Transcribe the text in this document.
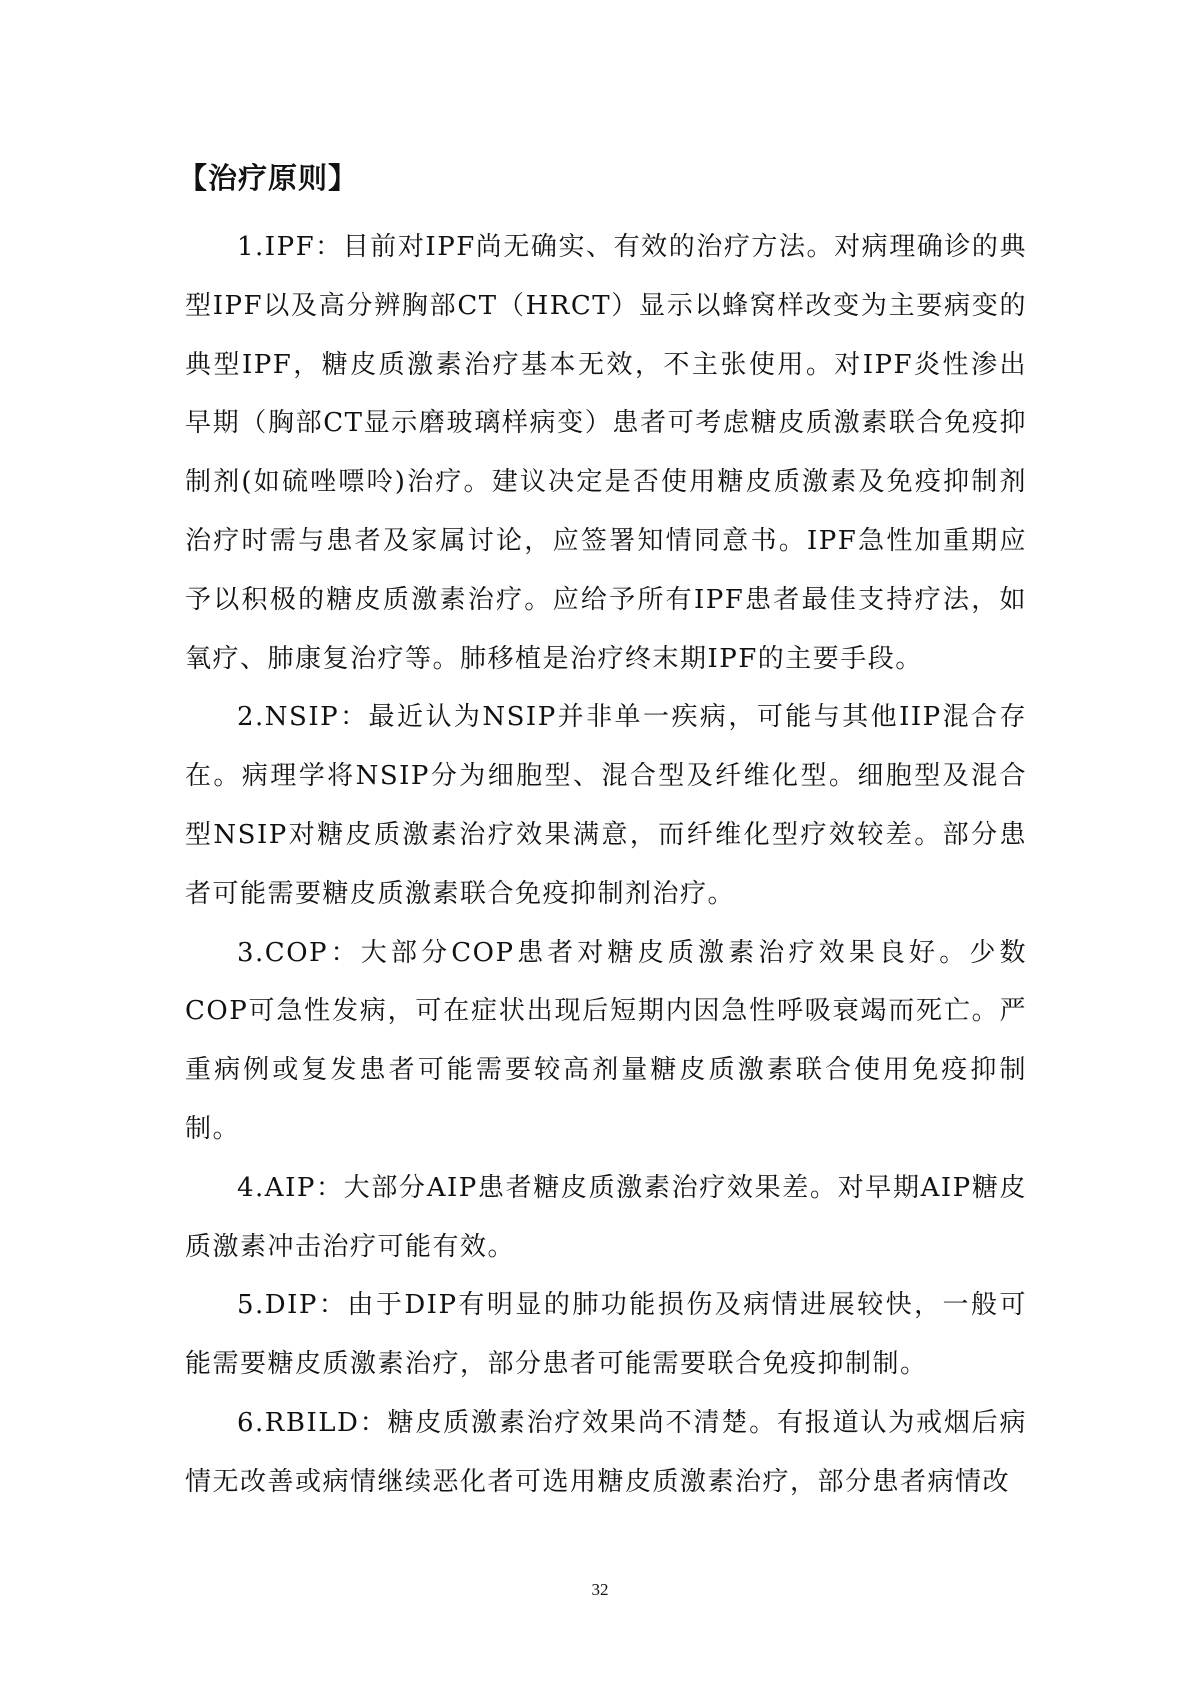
【治疗原则】

1.IPF：目前对IPF尚无确实、有效的治疗方法。对病理确诊的典型IPF以及高分辨胸部CT（HRCT）显示以蜂窝样改变为主要病变的典型IPF，糖皮质激素治疗基本无效，不主张使用。对IPF炎性渗出早期（胸部CT显示磨玻璃样病变）患者可考虑糖皮质激素联合免疫抑制剂(如硫唑嘌呤)治疗。建议决定是否使用糖皮质激素及免疫抑制剂治疗时需与患者及家属讨论，应签署知情同意书。IPF急性加重期应予以积极的糖皮质激素治疗。应给予所有IPF患者最佳支持疗法，如氧疗、肺康复治疗等。肺移植是治疗终末期IPF的主要手段。

2.NSIP：最近认为NSIP并非单一疾病，可能与其他IIP混合存在。病理学将NSIP分为细胞型、混合型及纤维化型。细胞型及混合型NSIP对糖皮质激素治疗效果满意，而纤维化型疗效较差。部分患者可能需要糖皮质激素联合免疫抑制剂治疗。

3.COP：大部分COP患者对糖皮质激素治疗效果良好。少数COP可急性发病，可在症状出现后短期内因急性呼吸衰竭而死亡。严重病例或复发患者可能需要较高剂量糖皮质激素联合使用免疫抑制制。

4.AIP：大部分AIP患者糖皮质激素治疗效果差。对早期AIP糖皮质激素冲击治疗可能有效。

5.DIP：由于DIP有明显的肺功能损伤及病情进展较快，一般可能需要糖皮质激素治疗，部分患者可能需要联合免疫抑制制。

6.RBILD：糖皮质激素治疗效果尚不清楚。有报道认为戒烟后病情无改善或病情继续恶化者可选用糖皮质激素治疗，部分患者病情改

32
